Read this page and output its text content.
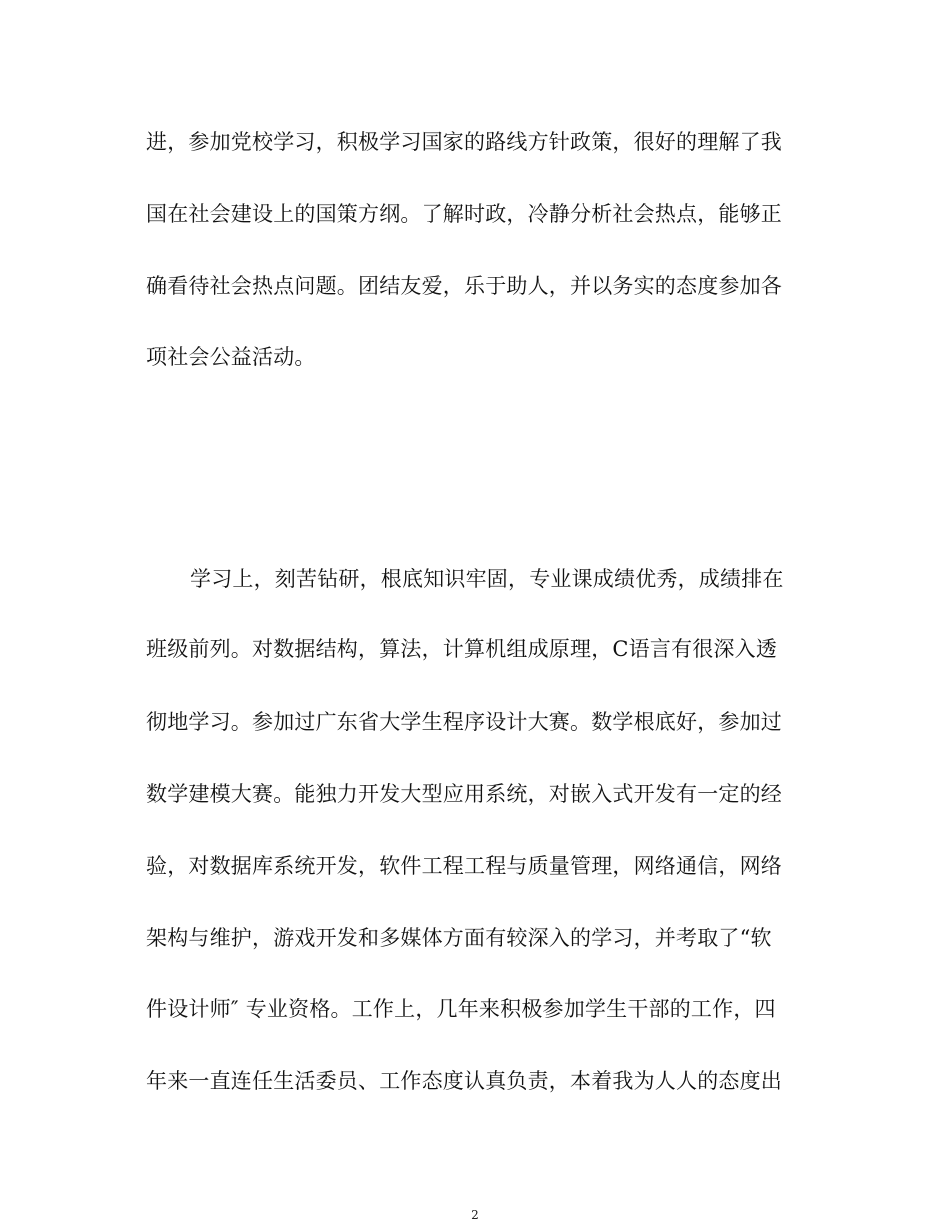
进，参加党校学习，积极学习国家的路线方针政策，很好的理解了我
国在社会建设上的国策方纲。了解时政，冷静分析社会热点，能够正
确看待社会热点问题。团结友爱，乐于助人，并以务实的态度参加各
项社会公益活动。
学习上，刻苦钻研，根底知识牢固，专业课成绩优秀，成绩排在
班级前列。对数据结构，算法，计算机组成原理，C语言有很深入透
彻地学习。参加过广东省大学生程序设计大赛。数学根底好，参加过
数学建模大赛。能独力开发大型应用系统，对嵌入式开发有一定的经
验，对数据库系统开发，软件工程工程与质量管理，网络通信，网络
架构与维护，游戏开发和多媒体方面有较深入的学习，并考取了“软
件设计师″ 专业资格。工作上，几年来积极参加学生干部的工作，四
年来一直连任生活委员、工作态度认真负责，本着我为人人的态度出
2
